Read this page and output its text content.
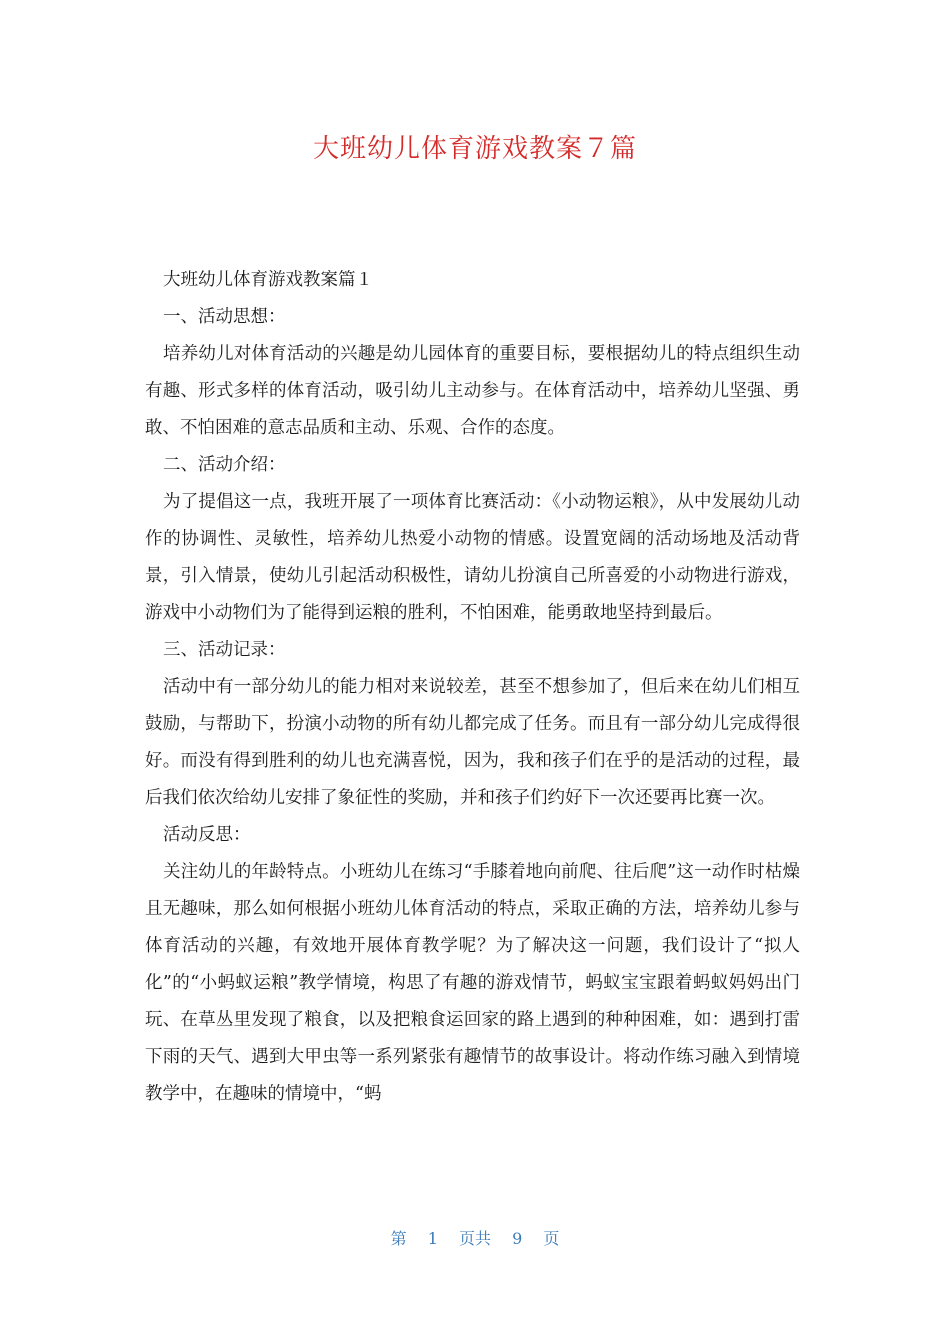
大班幼儿体育游戏教案７篇

大班幼儿体育游戏教案篇１

一、活动思想：

培养幼儿对体育活动的兴趣是幼儿园体育的重要目标，要根据幼儿的特点组织生动有趣、形式多样的体育活动，吸引幼儿主动参与。在体育活动中，培养幼儿坚强、勇敢、不怕困难的意志品质和主动、乐观、合作的态度。

二、活动介绍：

为了提倡这一点，我班开展了一项体育比赛活动：《小动物运粮》，从中发展幼儿动作的协调性、灵敏性，培养幼儿热爱小动物的情感。设置宽阔的活动场地及活动背景，引入情景，使幼儿引起活动积极性，请幼儿扮演自己所喜爱的小动物进行游戏，游戏中小动物们为了能得到运粮的胜利，不怕困难，能勇敢地坚持到最后。

三、活动记录：

活动中有一部分幼儿的能力相对来说较差，甚至不想参加了，但后来在幼儿们相互鼓励，与帮助下，扮演小动物的所有幼儿都完成了任务。而且有一部分幼儿完成得很好。而没有得到胜利的幼儿也充满喜悦，因为，我和孩子们在乎的是活动的过程，最后我们依次给幼儿安排了象征性的奖励，并和孩子们约好下一次还要再比赛一次。

活动反思：

关注幼儿的年龄特点。小班幼儿在练习“手膝着地向前爬、往后爬”这一动作时枯燥且无趣味，那么如何根据小班幼儿体育活动的特点，采取正确的方法，培养幼儿参与体育活动的兴趣，有效地开展体育教学呢？为了解决这一问题，我们设计了“拟人化”的“小蚂蚁运粮”教学情境，构思了有趣的游戏情节，蚂蚁宝宝跟着蚂蚁妈妈出门玩、在草丛里发现了粮食，以及把粮食运回家的路上遇到的种种困难，如：遇到打雷下雨的天气、遇到大甲虫等一系列紧张有趣情节的故事设计。将动作练习融入到情境教学中，在趣味的情境中，“蚂

第 1 页共 9 页
